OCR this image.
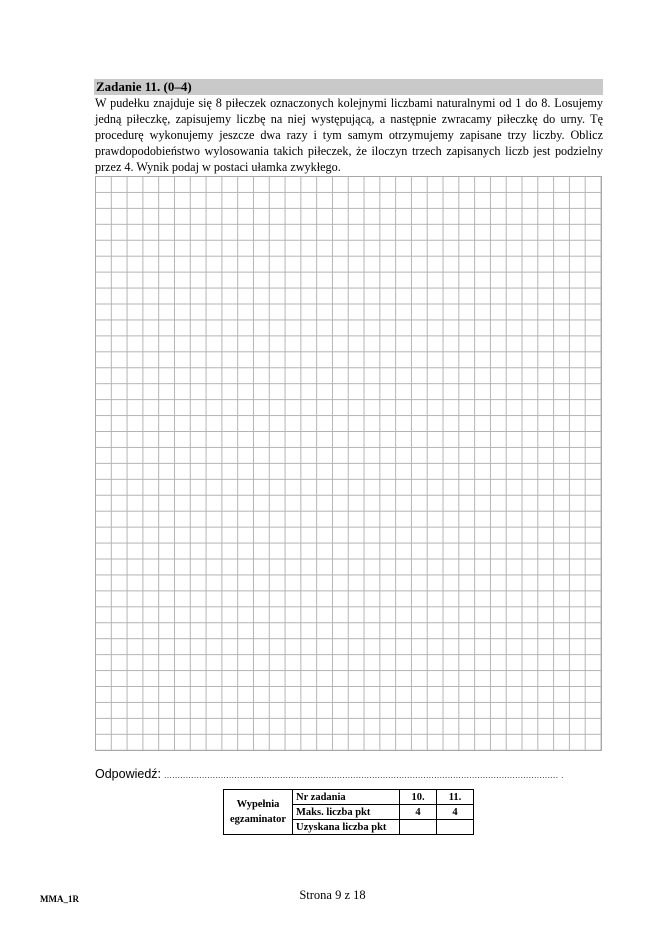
Zadanie 11. (0–4)

W pudełku znajduje się 8 piłeczek oznaczonych kolejnymi liczbami naturalnymi od 1 do 8. Losujemy jedną piłeczkę, zapisujemy liczbę na niej występującą, a następnie zwracamy piłeczkę do urny. Tę procedurę wykonujemy jeszcze dwa razy i tym samym otrzymujemy zapisane trzy liczby. Oblicz prawdopodobieństwo wylosowania takich piłeczek, że iloczyn trzech zapisanych liczb jest podzielny przez 4. Wynik podaj w postaci ułamka zwykłego.

Odpowiedź: .................................................................................................................................................. .
Wypełnia egzaminator	Nr zadania	10.	11.
	Maks. liczba pkt	4	4
	Uzyskana liczba pkt		
MMA_1R	Strona 9 z 18
